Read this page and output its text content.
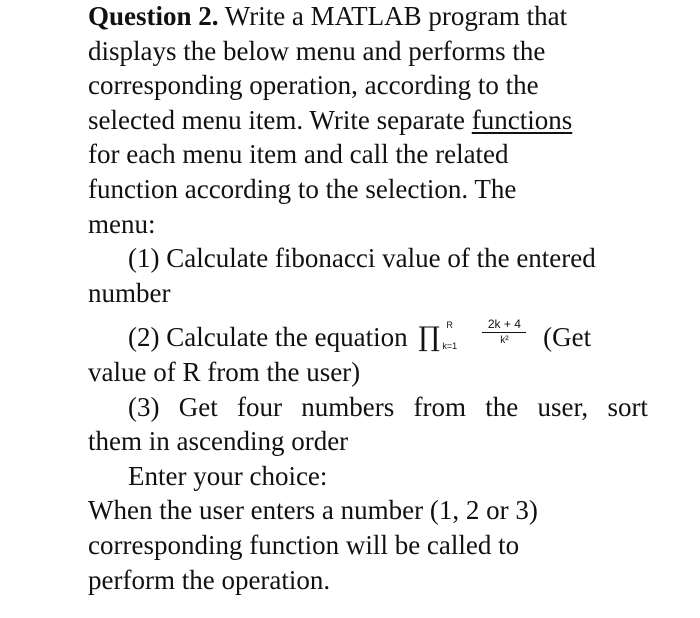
Question 2. Write a MATLAB program that
displays the below menu and performs the
corresponding operation, according to the
selected menu item. Write separate functions
for each menu item and call the related
function according to the selection. The
menu:
(1) Calculate fibonacci value of the entered
number
(2) Calculate the equation ∏ R
k=1
2k + 4
k²	(Get
value of R from the user)
(3) Get four numbers from the user, sort
them in ascending order
Enter your choice:
When the user enters a number (1, 2 or 3)
corresponding function will be called to
perform the operation.
